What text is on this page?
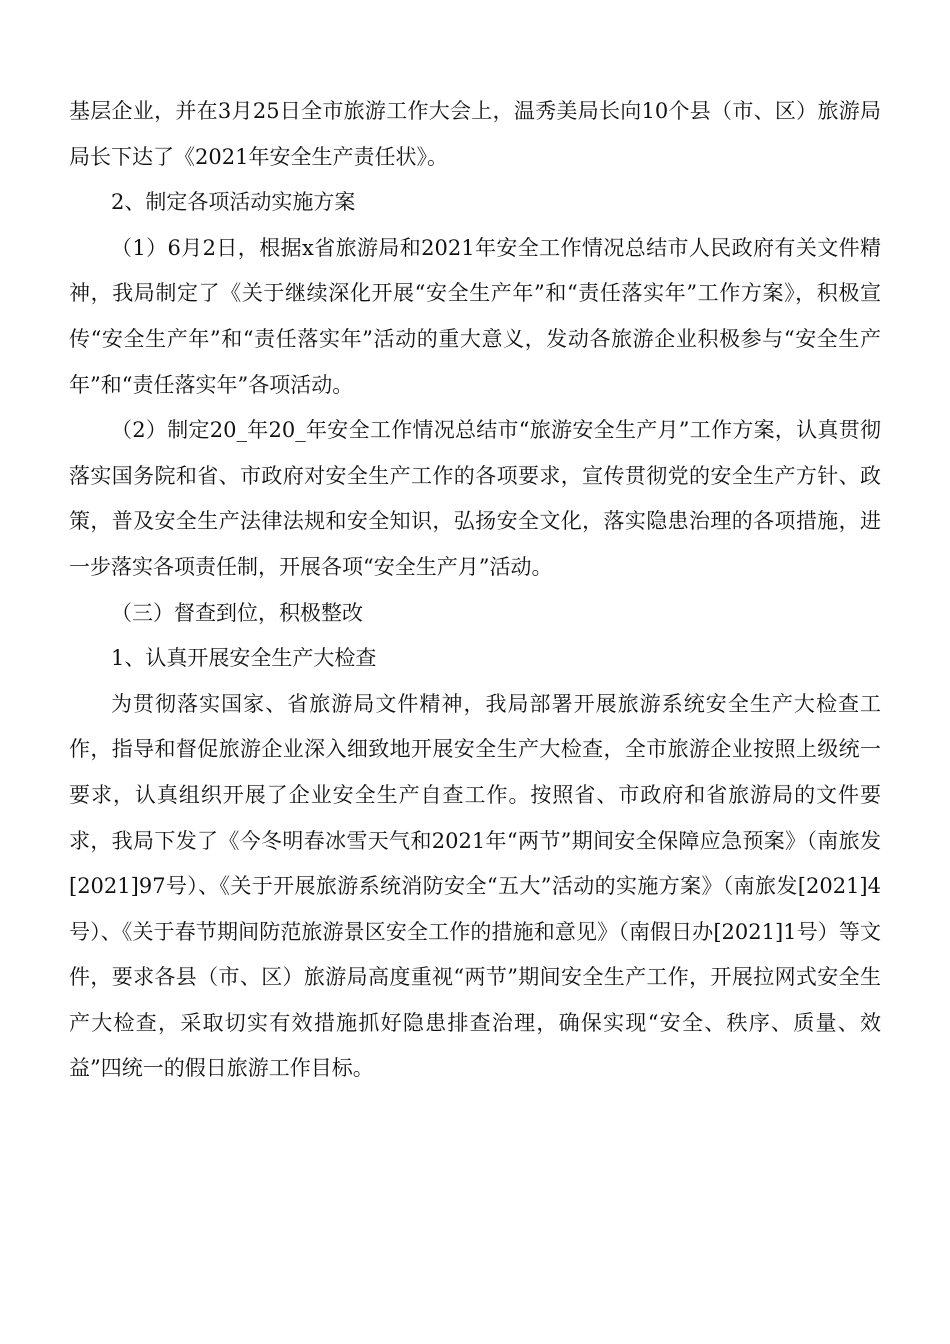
基层企业，并在3月25日全市旅游工作大会上，温秀美局长向10个县（市、区）旅游局局长下达了《2021年安全生产责任状》。

2、制定各项活动实施方案

（1）6月2日，根据x省旅游局和2021年安全工作情况总结市人民政府有关文件精神，我局制定了《关于继续深化开展“安全生产年”和“责任落实年”工作方案》，积极宣传“安全生产年”和“责任落实年”活动的重大意义，发动各旅游企业积极参与“安全生产年”和“责任落实年”各项活动。

（2）制定20_年20_年安全工作情况总结市“旅游安全生产月”工作方案，认真贯彻落实国务院和省、市政府对安全生产工作的各项要求，宣传贯彻党的安全生产方针、政策，普及安全生产法律法规和安全知识，弘扬安全文化，落实隐患治理的各项措施，进一步落实各项责任制，开展各项“安全生产月”活动。

（三）督查到位，积极整改

1、认真开展安全生产大检查

为贯彻落实国家、省旅游局文件精神，我局部署开展旅游系统安全生产大检查工作，指导和督促旅游企业深入细致地开展安全生产大检查，全市旅游企业按照上级统一要求，认真组织开展了企业安全生产自查工作。按照省、市政府和省旅游局的文件要求，我局下发了《今冬明春冰雪天气和2021年“两节”期间安全保障应急预案》（南旅发[2021]97号）、《关于开展旅游系统消防安全“五大”活动的实施方案》（南旅发[2021]4号）、《关于春节期间防范旅游景区安全工作的措施和意见》（南假日办[2021]1号）等文件，要求各县（市、区）旅游局高度重视“两节”期间安全生产工作，开展拉网式安全生产大检查，采取切实有效措施抓好隐患排查治理，确保实现“安全、秩序、质量、效益”四统一的假日旅游工作目标。
